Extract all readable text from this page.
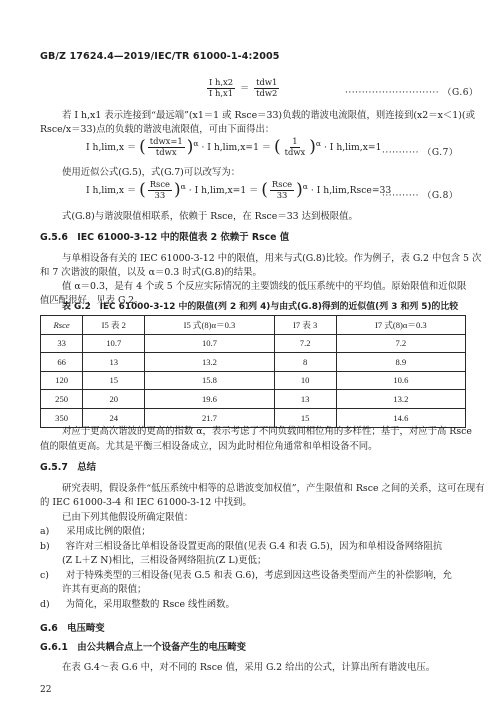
GB/Z 17624.4—2019/IEC/TR 61000-1-4:2005
$\frac{\text{I h,x2}}{\text{I h,x1}} = \frac{\text{tdw1}}{\text{tdw2}}$	···························· （G.6）
若 I h,x1 表示连接到“最远端”(x1＝1 或 Rsce＝33)负载的谐波电流限值，则连接到(x2＝x＜1)(或
Rsce/x＝33)点的负载的谐波电流限值，可由下面得出：
I h,lim,x ＝ ( $\frac{\text{tdwx=1}}{\text{tdwx}} )^\alpha \cdot I$ h,lim,x=1 ＝ ( $\frac{1}{\text{tdwx}} )^\alpha \cdot I$ h,lim,x=1
··········· （G.7）
使用近似公式(G.5)，式(G.7)可以改写为：
I h,lim,x ＝ ( $\frac{\text{Rsce}}{33} )^\alpha \cdot I$ h,lim,x=1 ＝ ( $\frac{\text{Rsce}}{33} )^\alpha \cdot I$ h,lim,Rsce=33
··········· （G.8）
式(G.8)与谐波限值相联系，依赖于 Rsce，在 Rsce＝33 达到极限值。
G.5.6　IEC 61000-3-12 中的限值表 2 依赖于 Rsce 值
与单相设备有关的 IEC 61000-3-12 中的限值，用来与式(G.8)比较。作为例子，表 G.2 中包含 5 次
和 7 次谐波的限值，以及 α＝0.3 时式(G.8)的结果。
值 α＝0.3，是有 4 个或 5 个反应实际情况的主要馈线的低压系统中的平均值。原始限值和近似限
值匹配很好，见表 G.2。
表 G.2　IEC 61000-3-12 中的限值(列 2 和列 4)与由式(G.8)得到的近似值(列 3 和列 5)的比较
Rsce	I5 表 2	I5 式(8)α＝0.3	I7 表 3	I7 式(8)α＝0.3
33	10.7	10.7	7.2	7.2
66	13	13.2	8	8.9
120	15	15.8	10	10.6
250	20	19.6	13	13.2
350	24	21.7	15	14.6
对应于更高次谐波的更高的指数 α，表示考虑了不同负载间相位角的多样性；基于，对应于高 Rsce
值的限值更高。尤其是平衡三相设备成立，因为此时相位角通常和单相设备不同。
G.5.7　总结
研究表明，假设条件“低压系统中相等的总谐波变加权值”，产生限值和 Rsce 之间的关系，这可在现有
的 IEC 61000-3-4 和 IEC 61000-3-12 中找到。
已由下列其他假设所确定限值：
a) 采用成比例的限值；
b) 容许对三相设备比单相设备设置更高的限值(见表 G.4 和表 G.5)，因为和单相设备网络阻抗
(Z L＋Z N)相比，三相设备网络阻抗(Z L)更低；
c) 对于特殊类型的三相设备(见表 G.5 和表 G.6)，考虑到因这些设备类型而产生的补偿影响，允
许其有更高的限值；
d) 为简化，采用取整数的 Rsce 线性函数。
G.6　电压畸变
G.6.1　由公共耦合点上一个设备产生的电压畸变
在表 G.4～表 G.6 中，对不同的 Rsce 值，采用 G.2 给出的公式，计算出所有谐波电压。
22
